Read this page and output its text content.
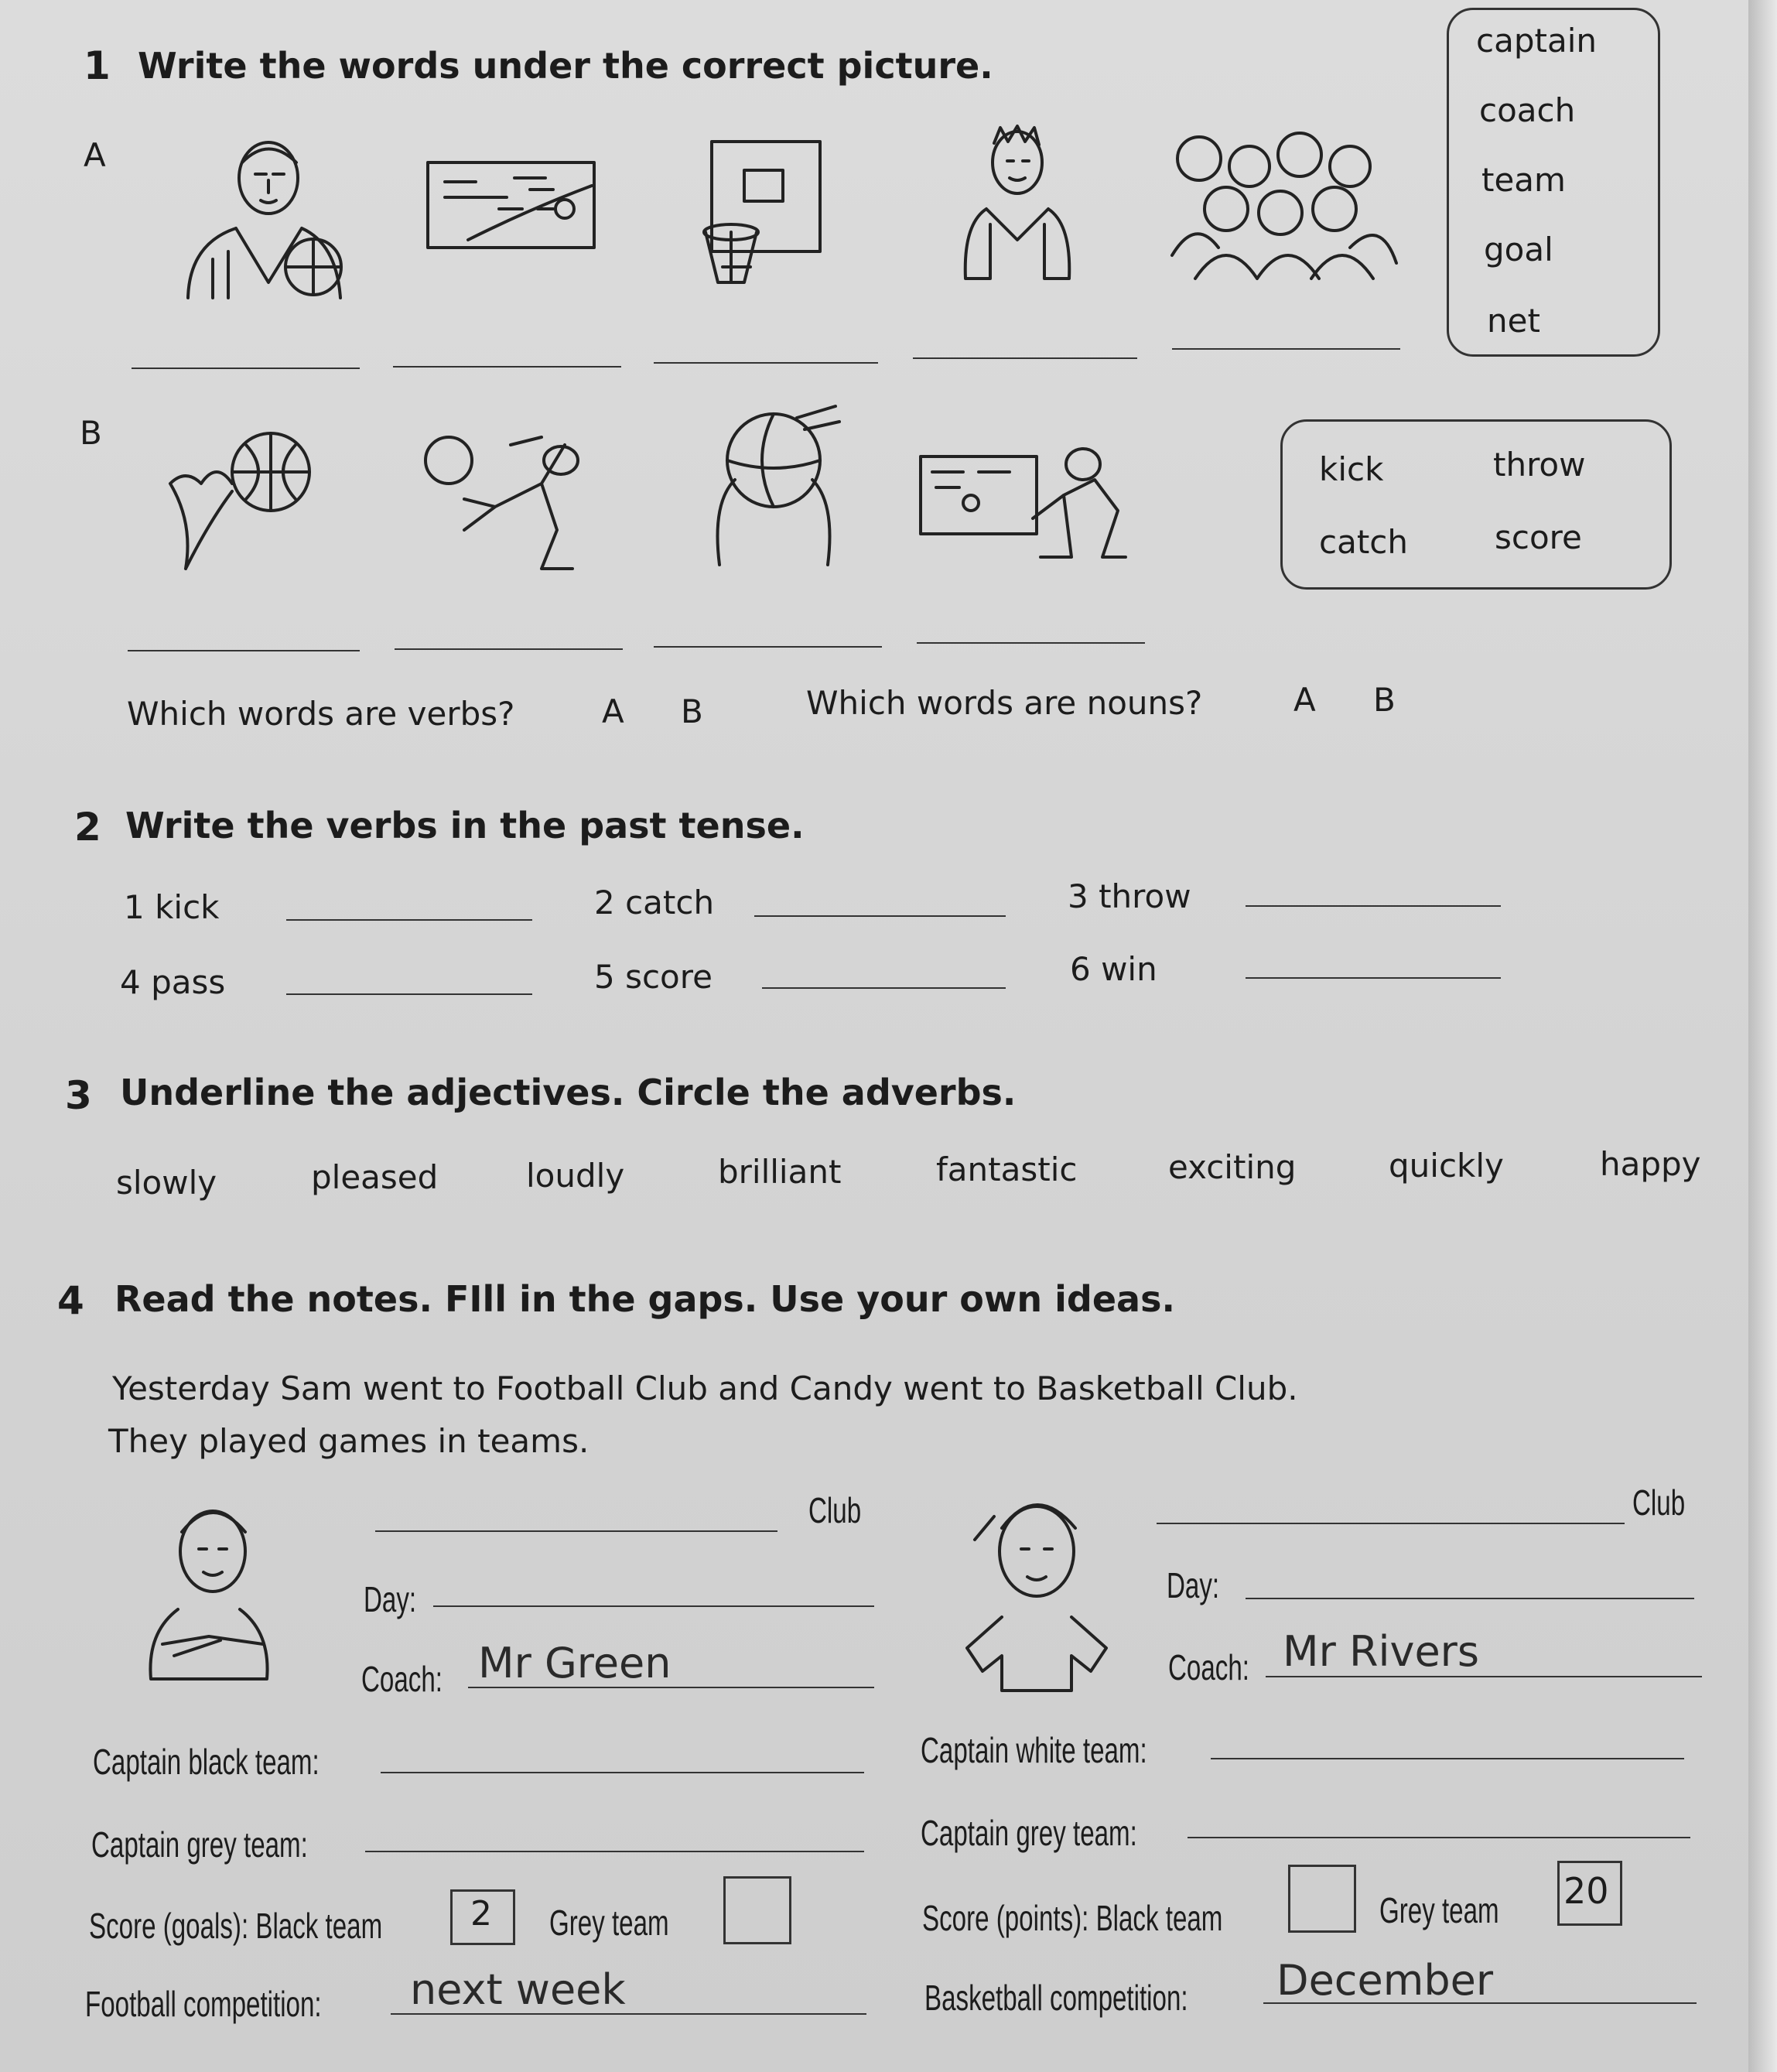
1 Write the words under the correct picture.
captain
coach
team
goal
net
A
B
kick	throw
catch	score
Which words are verbs?	A B	Which words are nouns?	A B
2 Write the verbs in the past tense.
1 kick	2 catch	3 throw
4 pass	5 score	6 win
3 Underline the adjectives. Circle the adverbs.
slowly	pleased	loudly	brilliant	fantastic	exciting	quickly	happy
4 Read the notes. FIll in the gaps. Use your own ideas.
Yesterday Sam went to Football Club and Candy went to Basketball Club.
They played games in teams.
Club
Day:
Coach: Mr Green
Captain black team:
Captain grey team:
Score (goals): Black team	2 Grey team
Football competition: next week
Club
Day:
Coach: Mr Rivers
Captain white team:
Captain grey team:
Score (points): Black team	Grey team 20
Basketball competition: December
